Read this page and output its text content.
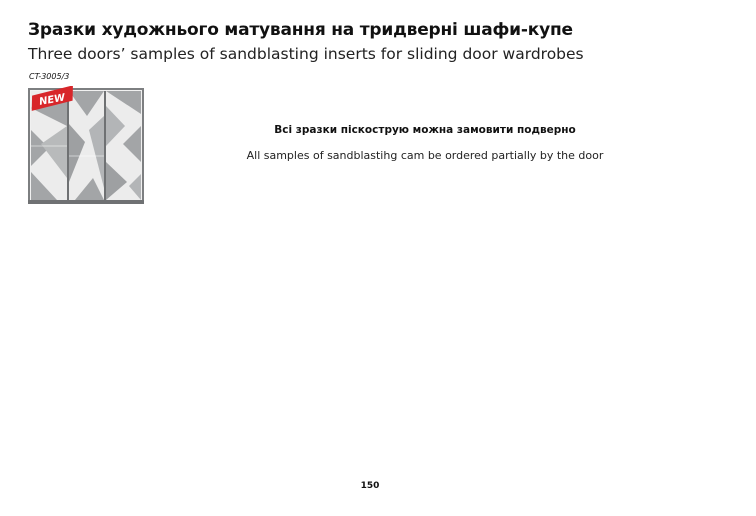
Зразки художнього матування на тридверні шафи-купе
Three doors’ samples of sandblasting inserts for sliding door wardrobes
CT-3005/3
NEW
Всі зразки піскострую можна замовити подверно
All samples of sandblastihg cam be ordered partially by the door
150
